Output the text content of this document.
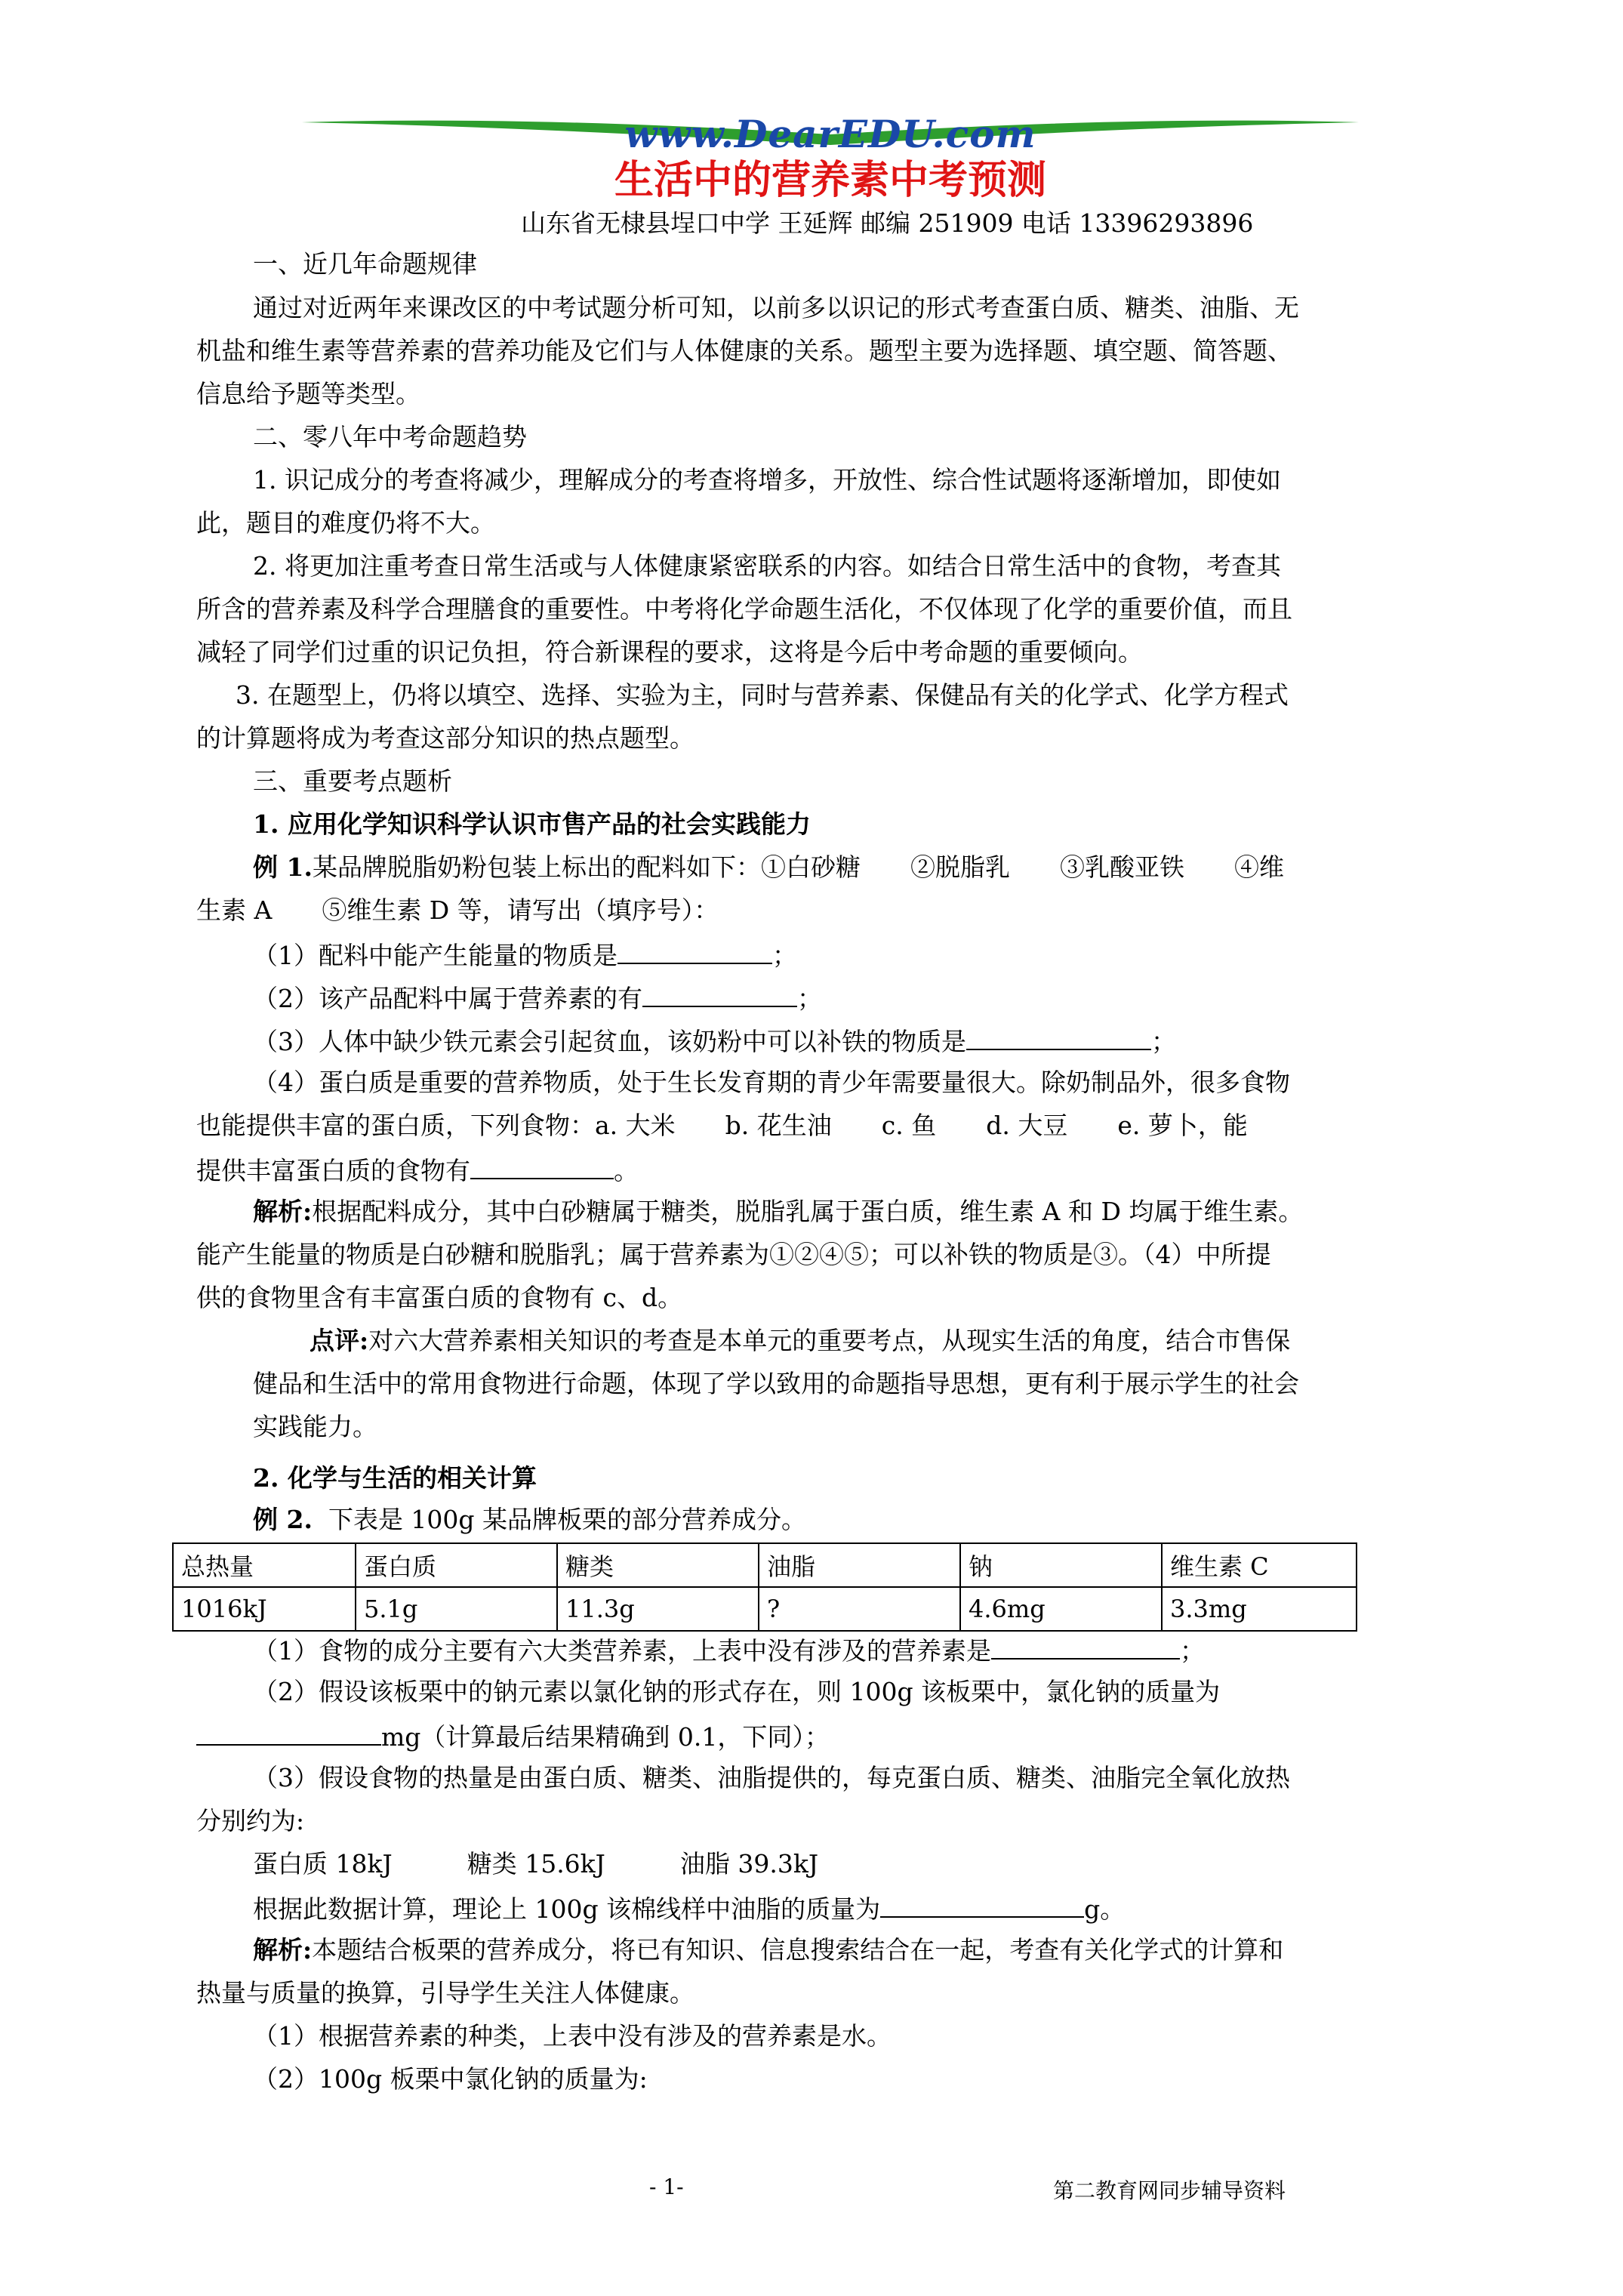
www.DearEDU.com
生活中的营养素中考预测
山东省无棣县埕口中学 王延辉 邮编 251909 电话 13396293896
一、近几年命题规律
通过对近两年来课改区的中考试题分析可知，以前多以识记的形式考查蛋白质、糖类、油脂、无
机盐和维生素等营养素的营养功能及它们与人体健康的关系。题型主要为选择题、填空题、简答题、
信息给予题等类型。
二、零八年中考命题趋势
1. 识记成分的考查将减少，理解成分的考查将增多，开放性、综合性试题将逐渐增加，即使如
此，题目的难度仍将不大。
2. 将更加注重考查日常生活或与人体健康紧密联系的内容。如结合日常生活中的食物，考查其
所含的营养素及科学合理膳食的重要性。中考将化学命题生活化，不仅体现了化学的重要价值，而且
减轻了同学们过重的识记负担，符合新课程的要求，这将是今后中考命题的重要倾向。
3. 在题型上，仍将以填空、选择、实验为主，同时与营养素、保健品有关的化学式、化学方程式
的计算题将成为考查这部分知识的热点题型。
三、重要考点题析
1. 应用化学知识科学认识市售产品的社会实践能力
例 1.某品牌脱脂奶粉包装上标出的配料如下：①白砂糖　　②脱脂乳　　③乳酸亚铁　　④维
生素 A　　⑤维生素 D 等，请写出（填序号）：
（1）配料中能产生能量的物质是	；
（2）该产品配料中属于营养素的有	；
（3）人体中缺少铁元素会引起贫血，该奶粉中可以补铁的物质是	；
（4）蛋白质是重要的营养物质，处于生长发育期的青少年需要量很大。除奶制品外，很多食物
也能提供丰富的蛋白质，下列食物：a. 大米　　b. 花生油　　c. 鱼　　d. 大豆　　e. 萝卜，能
提供丰富蛋白质的食物有	。
解析:根据配料成分，其中白砂糖属于糖类，脱脂乳属于蛋白质，维生素 A 和 D 均属于维生素。
能产生能量的物质是白砂糖和脱脂乳；属于营养素为①②④⑤；可以补铁的物质是③。（4）中所提
供的食物里含有丰富蛋白质的食物有 c、d。
点评:对六大营养素相关知识的考查是本单元的重要考点，从现实生活的角度，结合市售保
健品和生活中的常用食物进行命题，体现了学以致用的命题指导思想，更有利于展示学生的社会
实践能力。
2. 化学与生活的相关计算
例 2. 下表是 100g 某品牌板栗的部分营养成分。
总热量	蛋白质	糖类	油脂	钠	维生素 C
1016kJ	5.1g	11.3g	?	4.6mg	3.3mg
（1）食物的成分主要有六大类营养素，上表中没有涉及的营养素是	；
（2）假设该板栗中的钠元素以氯化钠的形式存在，则 100g 该板栗中，氯化钠的质量为
mg（计算最后结果精确到 0.1，下同）；
（3）假设食物的热量是由蛋白质、糖类、油脂提供的，每克蛋白质、糖类、油脂完全氧化放热
分别约为:
蛋白质 18kJ　　　糖类 15.6kJ　　　油脂 39.3kJ
根据此数据计算，理论上 100g 该棉线样中油脂的质量为	g。
解析:本题结合板栗的营养成分，将已有知识、信息搜索结合在一起，考查有关化学式的计算和
热量与质量的换算，引导学生关注人体健康。
（1）根据营养素的种类，上表中没有涉及的营养素是水。
（2）100g 板栗中氯化钠的质量为:
- 1-	第二教育网同步辅导资料
